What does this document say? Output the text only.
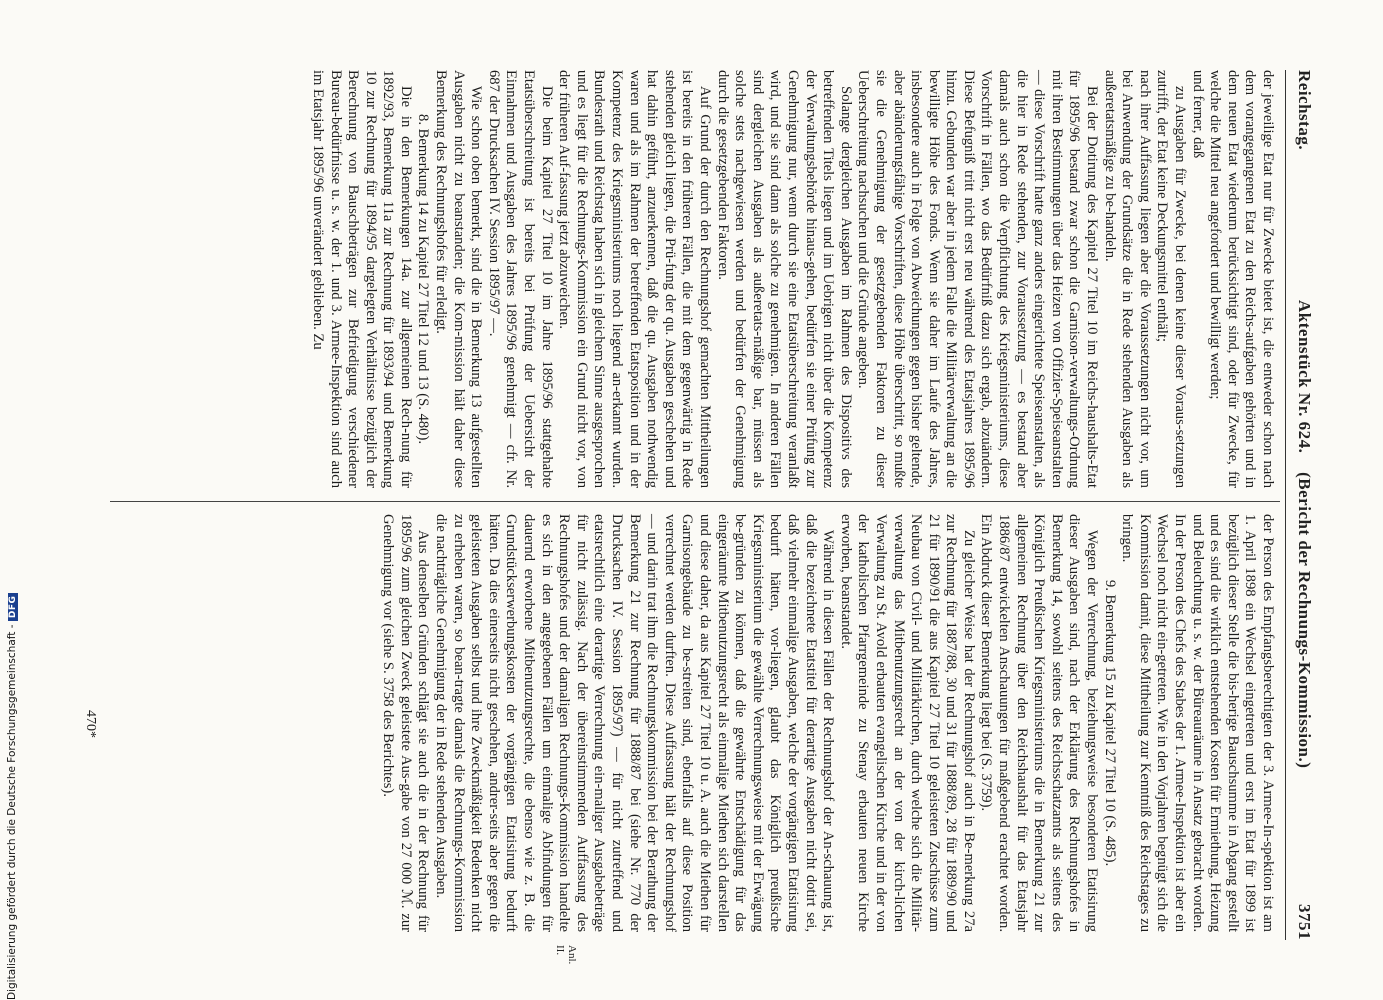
Reichstag.
Aktenstück Nr. 624. (Bericht der Rechnungs-Kommission.)
3751

der jeweilige Etat nur für Zwecke bietet ist, die entweder schon nach dem vorangegangenen Etat zu den Reichs-aufgaben gehörten und in dem neuen Etat wiederum berücksichtigt sind, oder für Zwecke, für welche die Mittel neu angefordert und bewilligt werden;

und ferner, daß

zu Ausgaben für Zwecke, bei denen keine dieser Voraus-setzungen zutrifft, der Etat keine Deckungsmittel enthält;

nach ihrer Auffassung liegen aber die Voraussetzungen nicht vor, um bei Anwendung der Grundsätze die in Rede stehenden Ausgaben als außeretatsmäßige zu be-handeln.

Bei der Dotirung des Kapitel 27 Titel 10 im Reichs-haushalts-Etat für 1895/96 bestand zwar schon die Garnison-verwaltungs-Ordnung mit ihren Bestimmungen über das Heizen von Offizier-Speiseanstalten — diese Vorschrift hatte ganz anders eingerichtete Speiseanstalten, als die hier in Rede stehenden, zur Voraussetzung — es bestand aber damals auch schon die Verpflichtung des Kriegsministeriums, diese Vorschrift in Fällen, wo das Bedürfniß dazu sich ergab, abzuändern. Diese Befugniß tritt nicht erst neu während des Etatsjahres 1895/96 hinzu. Gebunden war aber in jedem Falle die Militärverwaltung an die bewilligte Höhe des Fonds. Wenn sie daher im Laufe des Jahres, insbesondere auch in Folge von Abweichungen gegen bisher geltende, aber abänderungsfähige Vorschriften, diese Höhe überschritt, so mußte sie die Genehmigung der gesetzgebenden Faktoren zu dieser Ueberschreitung nachsuchen und die Gründe angeben.

Solange dergleichen Ausgaben im Rahmen des Dispositivs des betreffenden Titels liegen und im Uebrigen nicht über die Kompetenz der Verwaltungsbehörde hinaus-gehen, bedürfen sie einer Prüfung zur Genehmigung nur, wenn durch sie eine Etatsüberschreitung veranlaßt wird, und sie sind dann als solche zu genehmigen. In anderen Fällen sind dergleichen Ausgaben als außeretats-mäßige bar, müssen als solche stets nachgewiesen werden und bedürfen der Genehmigung durch die gesetzgebenden Faktoren.

Auf Grund der durch den Rechnungshof gemachten Mittheilungen ist bereits in den früheren Fällen, die mit dem gegenwärtig in Rede stehenden gleich liegen, die Prü-fung der qu. Ausgaben geschehen und hat dahin geführt, anzuerkennen, daß die qu. Ausgaben nothwendig waren und als im Rahmen der betreffenden Etatsposition und in der Kompetenz des Kriegsministeriums noch liegend an-erkannt wurden. Bundesrath und Reichstag haben sich in gleichem Sinne ausgesprochen und es liegt für die Rechnungs-Kommission ein Grund nicht vor, von der früheren Auf-fassung jetzt abzuweichen.

Die beim Kapitel 27 Titel 10 im Jahre 1895/96 stattgehabte Etatsüberschreitung ist bereits bei Prüfung der Uebersicht der Einnahmen und Ausgaben des Jahres 1895/96 genehmigt — cfr. Nr. 687 der Drucksachen IV. Session 1895/97 —.

Wie schon oben bemerkt, sind die in Bemerkung 13 aufgestellten Ausgaben nicht zu beanstanden; die Kom-mission hält daher diese Bemerkung des Rechnungshofes für erledigt.

8. Bemerkung 14 zu Kapitel 27 Titel 12 und 13 (S. 480).

Die in den Bemerkungen 14a. zur allgemeinen Rech-nung für 1892/93, Bemerkung 11a zur Rechnung für 1893/94 und Bemerkung 10 zur Rechnung für 1894/95 dargelegten Verhältnisse bezüglich der Berechnung von Bauschbeträgen zur Befriedigung verschiedener Bureau-bedürfnisse u. s. w. der 1. und 3. Armee-Inspektion sind auch im Etatsjahr 1895/96 unverändert geblieben. Zu

der Person des Empfangsberechtigten der 3. Armee-In-spektion ist am 1. April 1898 ein Wechsel eingetreten und erst im Etat für 1899 ist bezüglich dieser Stelle die bis-herige Bauschsumme in Abgang gestellt und es sind die wirklich entstehenden Kosten für Ermiethung, Heizung und Beleuchtung u. s. w. der Büreauräume in Ansatz gebracht worden. In der Person des Chefs des Stabes der 1. Armee-Inspektion ist aber ein Wechsel noch nicht ein-getreten. Wie in den Vorjahren begnügt sich die Kommission damit, diese Mittheilung zur Kenntniß des Reichstages zu bringen.

9. Bemerkung 15 zu Kapitel 27 Titel 10 (S. 485).

Wegen der Verrechnung, beziehungsweise besonderen Etatisirung dieser Ausgaben sind, nach der Erklärung des Rechnungshofes in Bemerkung 14, sowohl seitens des Reichsschatzamts als seitens des Königlich Preußischen Kriegsministeriums die in Bemerkung 21 zur allgemeinen Rechnung über den Reichshaushalt für das Etatsjahr 1886/87 entwickelten Anschauungen für maßgebend erachtet worden. Ein Abdruck dieser Bemerkung liegt bei (S. 3759).

Zu gleicher Weise hat der Rechnungshof auch in Be-merkung 27a zur Rechnung für 1887/88, 30 und 31 für 1888/89, 28 für 1889/90 und 21 für 1890/91 die aus Kapitel 27 Titel 10 geleisteten Zuschüsse zum Neubau von Civil- und Militärkirchen, durch welche sich die Militär-verwaltung das Mitbenutzungsrecht an der von der kirch-lichen Verwaltung zu St. Avold erbauten evangelischen Kirche und in der von der katholischen Pfarrgemeinde zu Stenay erbauten neuen Kirche erworben, beanstandet.

Während in diesen Fällen der Rechnungshof der An-schauung ist, daß die bezeichnete Etatstitel für derartige Ausgaben nicht dotirt sei, daß vielmehr einmalige Ausgaben, welche der vorgängigen Etatisirung bedurft hätten, vor-liegen, glaubt das Königlich preußische Kriegsministerium die gewählte Verrechnungsweise mit der Erwägung be-gründen zu können, daß die gewährte Entschädigung für das eingeräumte Mitbenutzungsrecht als einmalige Miethen sich darstellen und diese daher, da aus Kapitel 27 Titel 10 u. A. auch die Miethen für Garnisongebäude zu be-streiten sind, ebenfalls auf diese Position verrechnet werden durften. Diese Auffassung hält der Rechnungshof — und darin trat ihm die Rechnungskommission bei der Berathung der Bemerkung 21 zur Rechnung für 1888/87 bei (siehe Nr. 770 der Drucksachen IV. Session 1895/97) — für nicht zutreffend und etatsrechtlich eine derartige Verrechnung ein-maliger Ausgabebeträge für nicht zulässig. Nach der übereinstimmenden Auffassung des Rechnungshofes und der damaligen Rechnungs-Kommission handelte es sich in den angegebenen Fällen um einmalige Abfindungen für dauernd erworbene Mitbenutzungsrechte, die ebenso wie z. B. die Grundstückserwerbungskosten der vorgängigen Etatisirung bedurft hätten. Da dies einerseits nicht geschehen, andrer-seits aber gegen die geleisteten Ausgaben selbst und ihre Zweckmäßigkeit Bedenken nicht zu erheben waren, so bean-tragte damals die Rechnungs-Kommission die nachträgliche Genehmigung der in Rede stehenden Ausgaben.

Aus denselben Gründen schlägt sie auch die in der Rechnung für 1895/96 zum gleichen Zweck geleistete Aus-gabe von 27 000 ℳ. zur Genehmigung vor (siehe S. 3758 des Berichtes).

Anl. II.
470*
Digitalisierung gefördert durch die Deutsche Forschungsgemeinschaft - DFG
